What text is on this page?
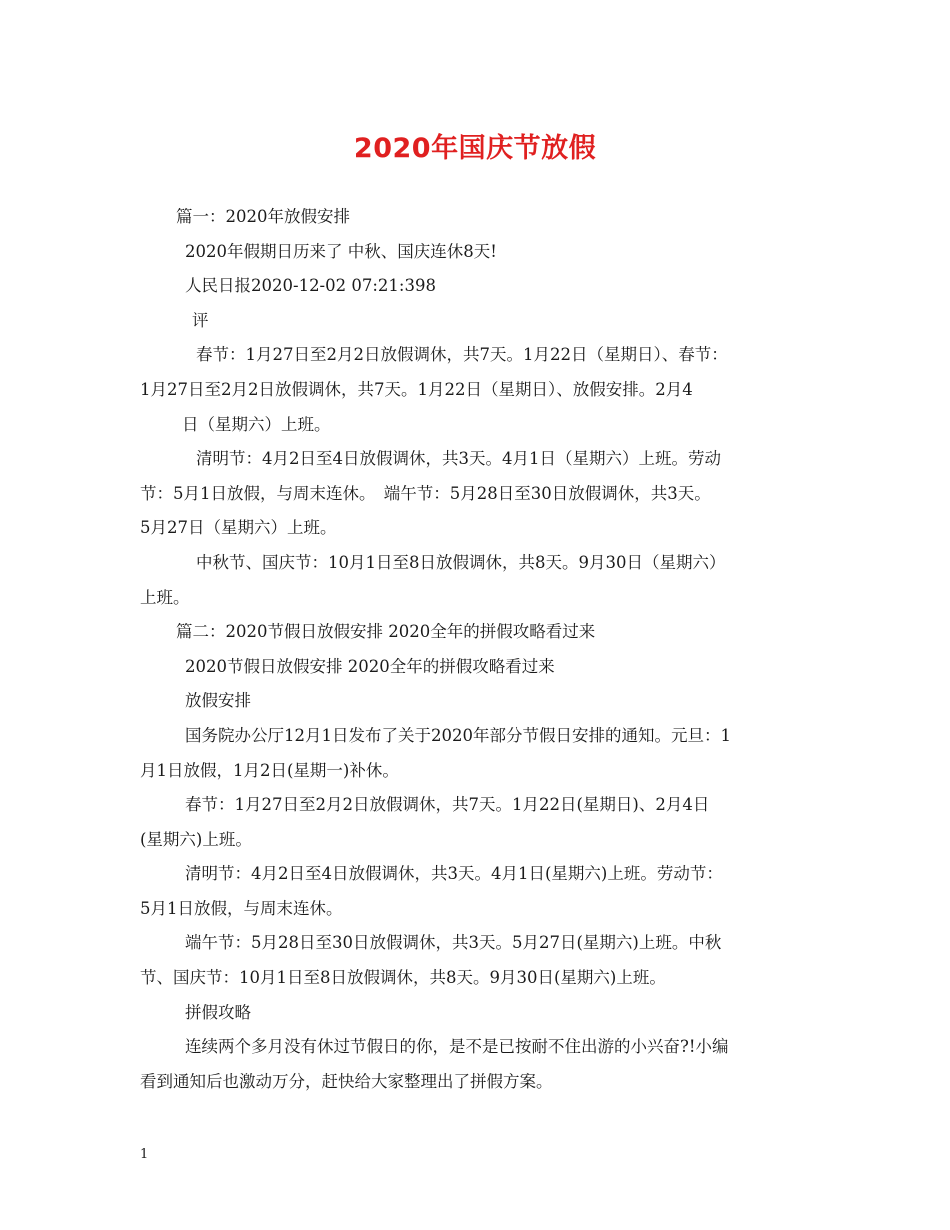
2020年国庆节放假
篇一：2020年放假安排
2020年假期日历来了 中秋、国庆连休8天!
人民日报2020-12-02 07:21:398
评
春节：1月27日至2月2日放假调休，共7天。1月22日（星期日）、春节：
1月27日至2月2日放假调休，共7天。1月22日（星期日）、放假安排。2月4
日（星期六）上班。
清明节：4月2日至4日放假调休，共3天。4月1日（星期六）上班。劳动
节：5月1日放假，与周末连休。　端午节：5月28日至30日放假调休，共3天。
5月27日（星期六）上班。
中秋节、国庆节：10月1日至8日放假调休，共8天。9月30日（星期六）
上班。
篇二：2020节假日放假安排 2020全年的拼假攻略看过来
2020节假日放假安排 2020全年的拼假攻略看过来
放假安排
国务院办公厅12月1日发布了关于2020年部分节假日安排的通知。元旦：1
月1日放假，1月2日(星期一)补休。
春节：1月27日至2月2日放假调休，共7天。1月22日(星期日)、2月4日
(星期六)上班。
清明节：4月2日至4日放假调休，共3天。4月1日(星期六)上班。劳动节：
5月1日放假，与周末连休。
端午节：5月28日至30日放假调休，共3天。5月27日(星期六)上班。中秋
节、国庆节：10月1日至8日放假调休，共8天。9月30日(星期六)上班。
拼假攻略
连续两个多月没有休过节假日的你，是不是已按耐不住出游的小兴奋?!小编
看到通知后也激动万分，赶快给大家整理出了拼假方案。
1
